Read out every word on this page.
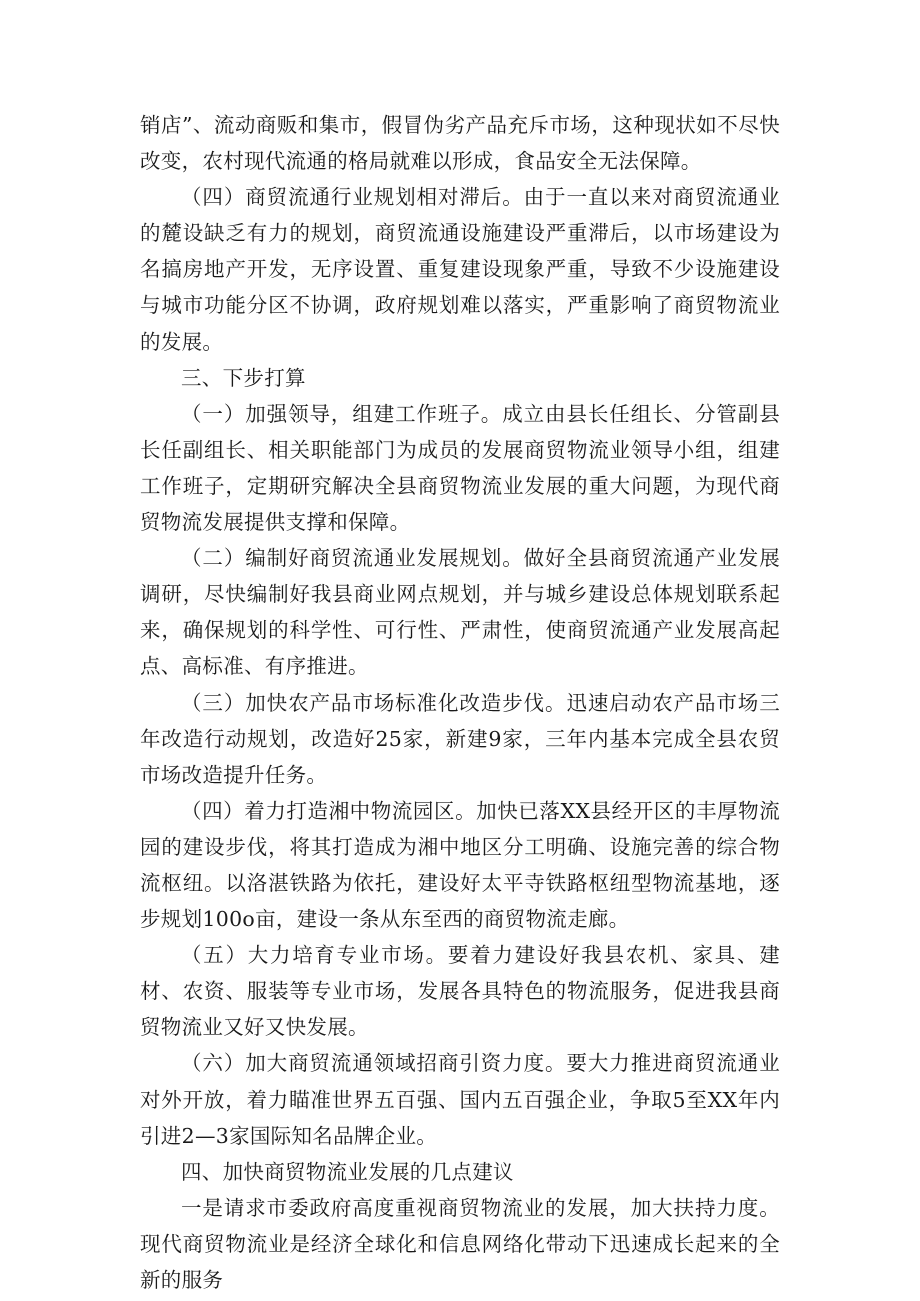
销店”、流动商贩和集市，假冒伪劣产品充斥市场，这种现状如不尽快改变，农村现代流通的格局就难以形成，食品安全无法保障。

（四）商贸流通行业规划相对滞后。由于一直以来对商贸流通业的麓设缺乏有力的规划，商贸流通设施建设严重滞后，以市场建设为名搞房地产开发，无序设置、重复建设现象严重，导致不少设施建设与城市功能分区不协调，政府规划难以落实，严重影响了商贸物流业的发展。

三、下步打算

（一）加强领导，组建工作班子。成立由县长任组长、分管副县长任副组长、相关职能部门为成员的发展商贸物流业领导小组，组建工作班子，定期研究解决全县商贸物流业发展的重大问题，为现代商贸物流发展提供支撑和保障。

（二）编制好商贸流通业发展规划。做好全县商贸流通产业发展调研，尽快编制好我县商业网点规划，并与城乡建设总体规划联系起来，确保规划的科学性、可行性、严肃性，使商贸流通产业发展高起点、高标准、有序推进。

（三）加快农产品市场标准化改造步伐。迅速启动农产品市场三年改造行动规划，改造好25家，新建9家，三年内基本完成全县农贸市场改造提升任务。

（四）着力打造湘中物流园区。加快已落XX县经开区的丰厚物流园的建设步伐，将其打造成为湘中地区分工明确、设施完善的综合物流枢纽。以洛湛铁路为依托，建设好太平寺铁路枢纽型物流基地，逐步规划100o亩，建设一条从东至西的商贸物流走廊。

（五）大力培育专业市场。要着力建设好我县农机、家具、建材、农资、服装等专业市场，发展各具特色的物流服务，促进我县商贸物流业又好又快发展。

（六）加大商贸流通领域招商引资力度。要大力推进商贸流通业对外开放，着力瞄准世界五百强、国内五百强企业，争取5至XX年内引进2—3家国际知名品牌企业。

四、加快商贸物流业发展的几点建议

一是请求市委政府高度重视商贸物流业的发展，加大扶持力度。现代商贸物流业是经济全球化和信息网络化带动下迅速成长起来的全新的服务
